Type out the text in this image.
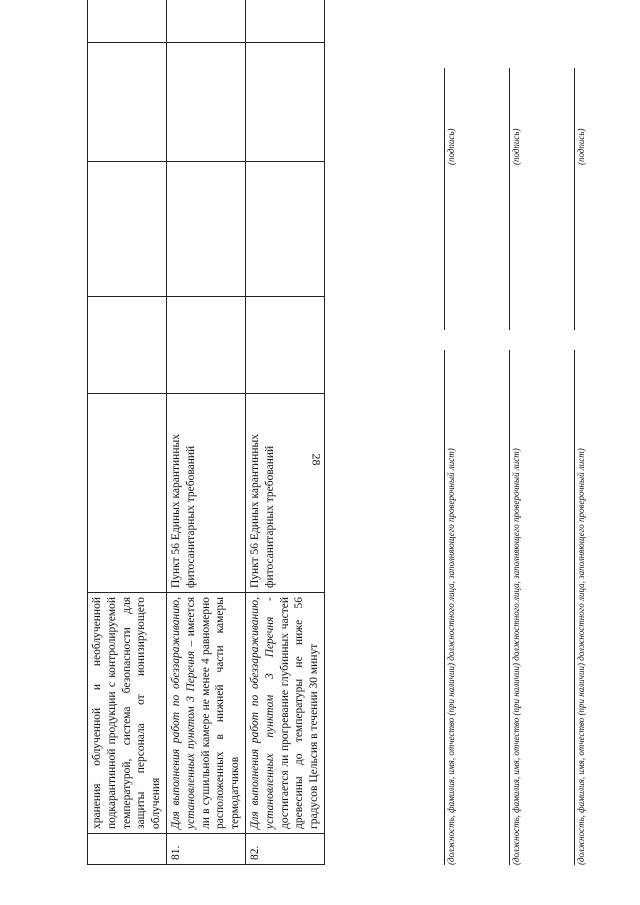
28
	хранения облученной и необлученной подкарантинной продукции с контролируемой температурой, система безопасности для защиты персонала от ионизирующего облучения					
81.	Для выполнения работ по обеззараживанию, установленных пунктом 3 Перечня – имеется ли в сушильной камере не менее 4 равномерно расположенных в нижней части камеры термодатчиков	Пункт 56 Единых карантинных фитосанитарных требований				
82.	Для выполнения работ по обеззараживанию, установленных пунктом 3 Перечня - достигается ли прогревание глубинных частей древесины до температуры не ниже 56 градусов Цельсия в течении 30 минут	Пункт 56 Единых карантинных фитосанитарных требований					(должность, фамилия, имя, отчество (при наличии) должностного лица, заполняющего проверочный лист)
(подпись)
(должность, фамилия, имя, отчество (при наличии) должностного лица, заполняющего проверочный лист)
(подпись)
(должность, фамилия, имя, отчество (при наличии) должностного лица, заполняющего проверочный лист)
(подпись)
